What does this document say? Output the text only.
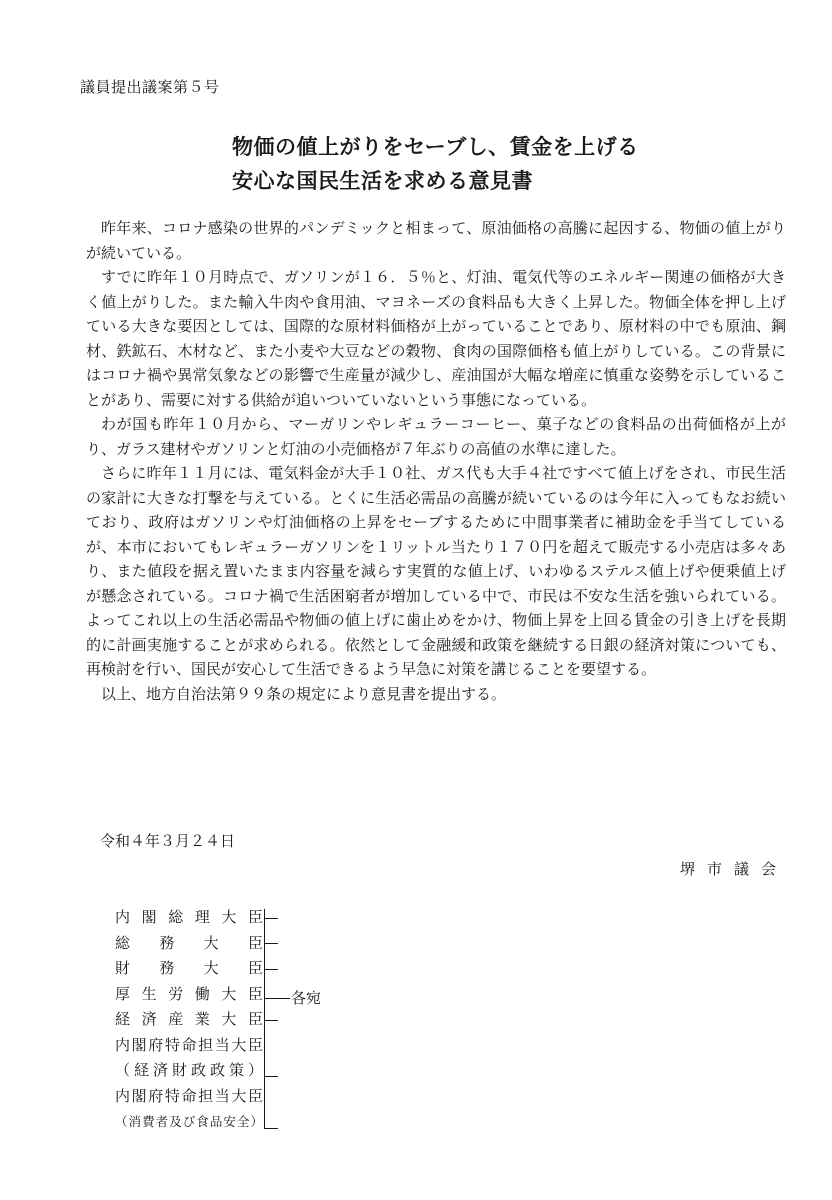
議員提出議案第５号
物価の値上がりをセーブし、賃金を上げる
安心な国民生活を求める意見書

昨年来、コロナ感染の世界的パンデミックと相まって、原油価格の高騰に起因する、物価の値上がりが続いている。

すでに昨年１０月時点で、ガソリンが１６．５％と、灯油、電気代等のエネルギー関連の価格が大きく値上がりした。また輸入牛肉や食用油、マヨネーズの食料品も大きく上昇した。物価全体を押し上げている大きな要因としては、国際的な原材料価格が上がっていることであり、原材料の中でも原油、鋼材、鉄鉱石、木材など、また小麦や大豆などの穀物、食肉の国際価格も値上がりしている。この背景にはコロナ禍や異常気象などの影響で生産量が減少し、産油国が大幅な増産に慎重な姿勢を示していることがあり、需要に対する供給が追いついていないという事態になっている。

わが国も昨年１０月から、マーガリンやレギュラーコーヒー、菓子などの食料品の出荷価格が上がり、ガラス建材やガソリンと灯油の小売価格が７年ぶりの高値の水準に達した。

さらに昨年１１月には、電気料金が大手１０社、ガス代も大手４社ですべて値上げをされ、市民生活の家計に大きな打撃を与えている。とくに生活必需品の高騰が続いているのは今年に入ってもなお続いており、政府はガソリンや灯油価格の上昇をセーブするために中間事業者に補助金を手当てしているが、本市においてもレギュラーガソリンを１リットル当たり１７０円を超えて販売する小売店は多々あり、また値段を据え置いたまま内容量を減らす実質的な値上げ、いわゆるステルス値上げや便乗値上げが懸念されている。コロナ禍で生活困窮者が増加している中で、市民は不安な生活を強いられている。よってこれ以上の生活必需品や物価の値上げに歯止めをかけ、物価上昇を上回る賃金の引き上げを長期的に計画実施することが求められる。依然として金融緩和政策を継続する日銀の経済対策についても、再検討を行い、国民が安心して生活できるよう早急に対策を講じることを要望する。

以上、地方自治法第９９条の規定により意見書を提出する。

令和４年３月２４日
堺市議会
内閣総理大臣
総務大臣
財務大臣
厚生労働大臣
経済産業大臣
内閣府特命担当大臣
（経済財政政策）
内閣府特命担当大臣
（消費者及び食品安全）
各宛
